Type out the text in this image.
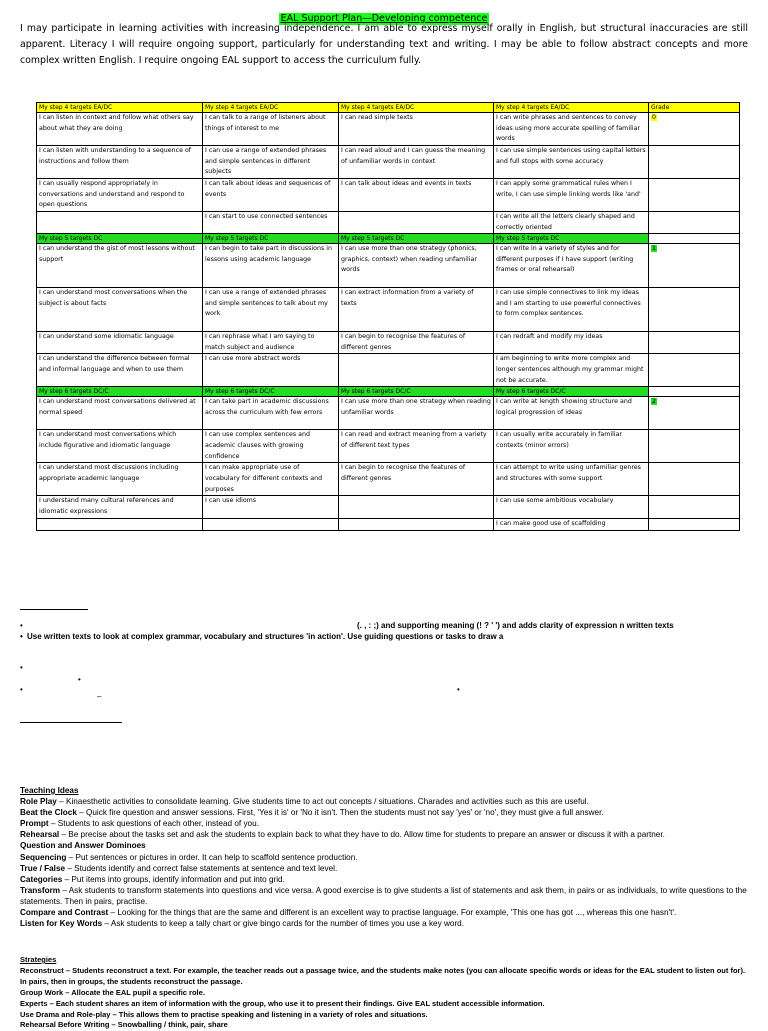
EAL Support Plan—Developing competence
I may participate in learning activities with increasing independence. I am able to express myself orally in English, but structural inaccuracies are still apparent. Literacy I will require ongoing support, particularly for understanding text and writing. I may be able to follow abstract concepts and more complex written English. I require ongoing EAL support to access the curriculum fully.
My step 4 targets EA/DC	My step 4 targets EA/DC	My step 4 targets EA/DC	My step 4 targets EA/DC	Grade
I can listen in context and follow what others say about what they are doing	I can talk to a range of listeners about things of interest to me	I can read simple texts	I can write phrases and sentences to convey ideas using more accurate spelling of familiar words	0
I can listen with understanding to a sequence of instructions and follow them	I can use a range of extended phrases and simple sentences in different subjects	I can read aloud and I can guess the meaning of unfamiliar words in context	I can use simple sentences using capital letters and full stops with some accuracy	
I can usually respond appropriately in conversations and understand and respond to open questions	I can talk about ideas and sequences of events	I can talk about ideas and events in texts	I can apply some grammatical rules when I write, I can use simple linking words like 'and'	
	I can start to use connected sentences		I can write all the letters clearly shaped and correctly oriented	
My step 5 targets DC	My step 5 targets DC	My step 5 targets DC	My step 5 targets DC	
I can understand the gist of most lessons without support	I can begin to take part in discussions in lessons using academic language	I can use more than one strategy (phonics, graphics, context) when reading unfamiliar words	I can write in a variety of styles and for different purposes if I have support (writing frames or oral rehearsal)	1
I can understand most conversations when the subject is about facts	I can use a range of extended phrases and simple sentences to talk about my work	I can extract information from a variety of texts	I can use simple connectives to link my ideas and I am starting to use powerful connectives to form complex sentences.	
I can understand some idiomatic language	I can rephrase what I am saying to match subject and audience	I can begin to recognise the features of different genres	I can redraft and modify my ideas	
I can understand the difference between formal and informal language and when to use them	I can use more abstract words		I am beginning to write more complex and longer sentences although my grammar might not be accurate.	
My step 6 targets DC/C	My step 6 targets DC/C	My step 6 targets DC/C	My step 6 targets DC/C	
I can understand most conversations delivered at normal speed	I can take part in academic discussions across the curriculum with few errors	I can use more than one strategy when reading unfamiliar words	I can write at length showing structure and logical progression of ideas	2
I can understand most conversations which include figurative and idiomatic language	I can use complex sentences and academic clauses with growing confidence	I can read and extract meaning from a variety of different text types	I can usually write accurately in familiar contexts (minor errors)	
I can understand most discussions including appropriate academic language	I can make appropriate use of vocabulary for different contexts and purposes	I can begin to recognise the features of different genres	I can attempt to write using unfamiliar genres and structures with some support	
I understand many cultural references and idiomatic expressions	I can use idioms		I can use some ambitious vocabulary	
			I can make good use of scaffolding	
•	(. , : ;) and supporting meaning (! ? ' ') and adds clarity of expression n written texts
• Use written texts to look at complex grammar, vocabulary and structures 'in action'. Use guiding questions or tasks to draw a
•
•
•	•
–

Teaching Ideas

Role Play – Kinaesthetic activities to consolidate learning. Give students time to act out concepts / situations. Charades and activities such as this are useful.

Beat the Clock – Quick fire question and answer sessions. First, 'Yes it is' or 'No it isn't. Then the students must not say 'yes' or 'no', they must give a full answer.

Prompt – Students to ask questions of each other, instead of you.

Rehearsal – Be precise about the tasks set and ask the students to explain back to what they have to do. Allow time for students to prepare an answer or discuss it with a partner.

Question and Answer Dominoes

Sequencing – Put sentences or pictures in order. It can help to scaffold sentence production.

True / False – Students identify and correct false statements at sentence and text level.

Categories – Put items into groups, identify information and put into grid.

Transform – Ask students to transform statements into questions and vice versa. A good exercise is to give students a list of statements and ask them, in pairs or as individuals, to write questions to the statements. Then in pairs, practise.

Compare and Contrast – Looking for the things that are the same and different is an excellent way to practise language. For example, 'This one has got ..., whereas this one hasn't'.

Listen for Key Words – Ask students to keep a tally chart or give bingo cards for the number of times you use a key word.

Strategies

Reconstruct – Students reconstruct a text. For example, the teacher reads out a passage twice, and the students make notes (you can allocate specific words or ideas for the EAL student to listen out for). In pairs, then in groups, the students reconstruct the passage.

Group Work – Allocate the EAL pupil a specific role.

Experts – Each student shares an item of information with the group, who use it to present their findings. Give EAL student accessible information.

Use Drama and Role-play – This allows them to practise speaking and listening in a variety of roles and situations.

Rehearsal Before Writing – Snowballing / think, pair, share
